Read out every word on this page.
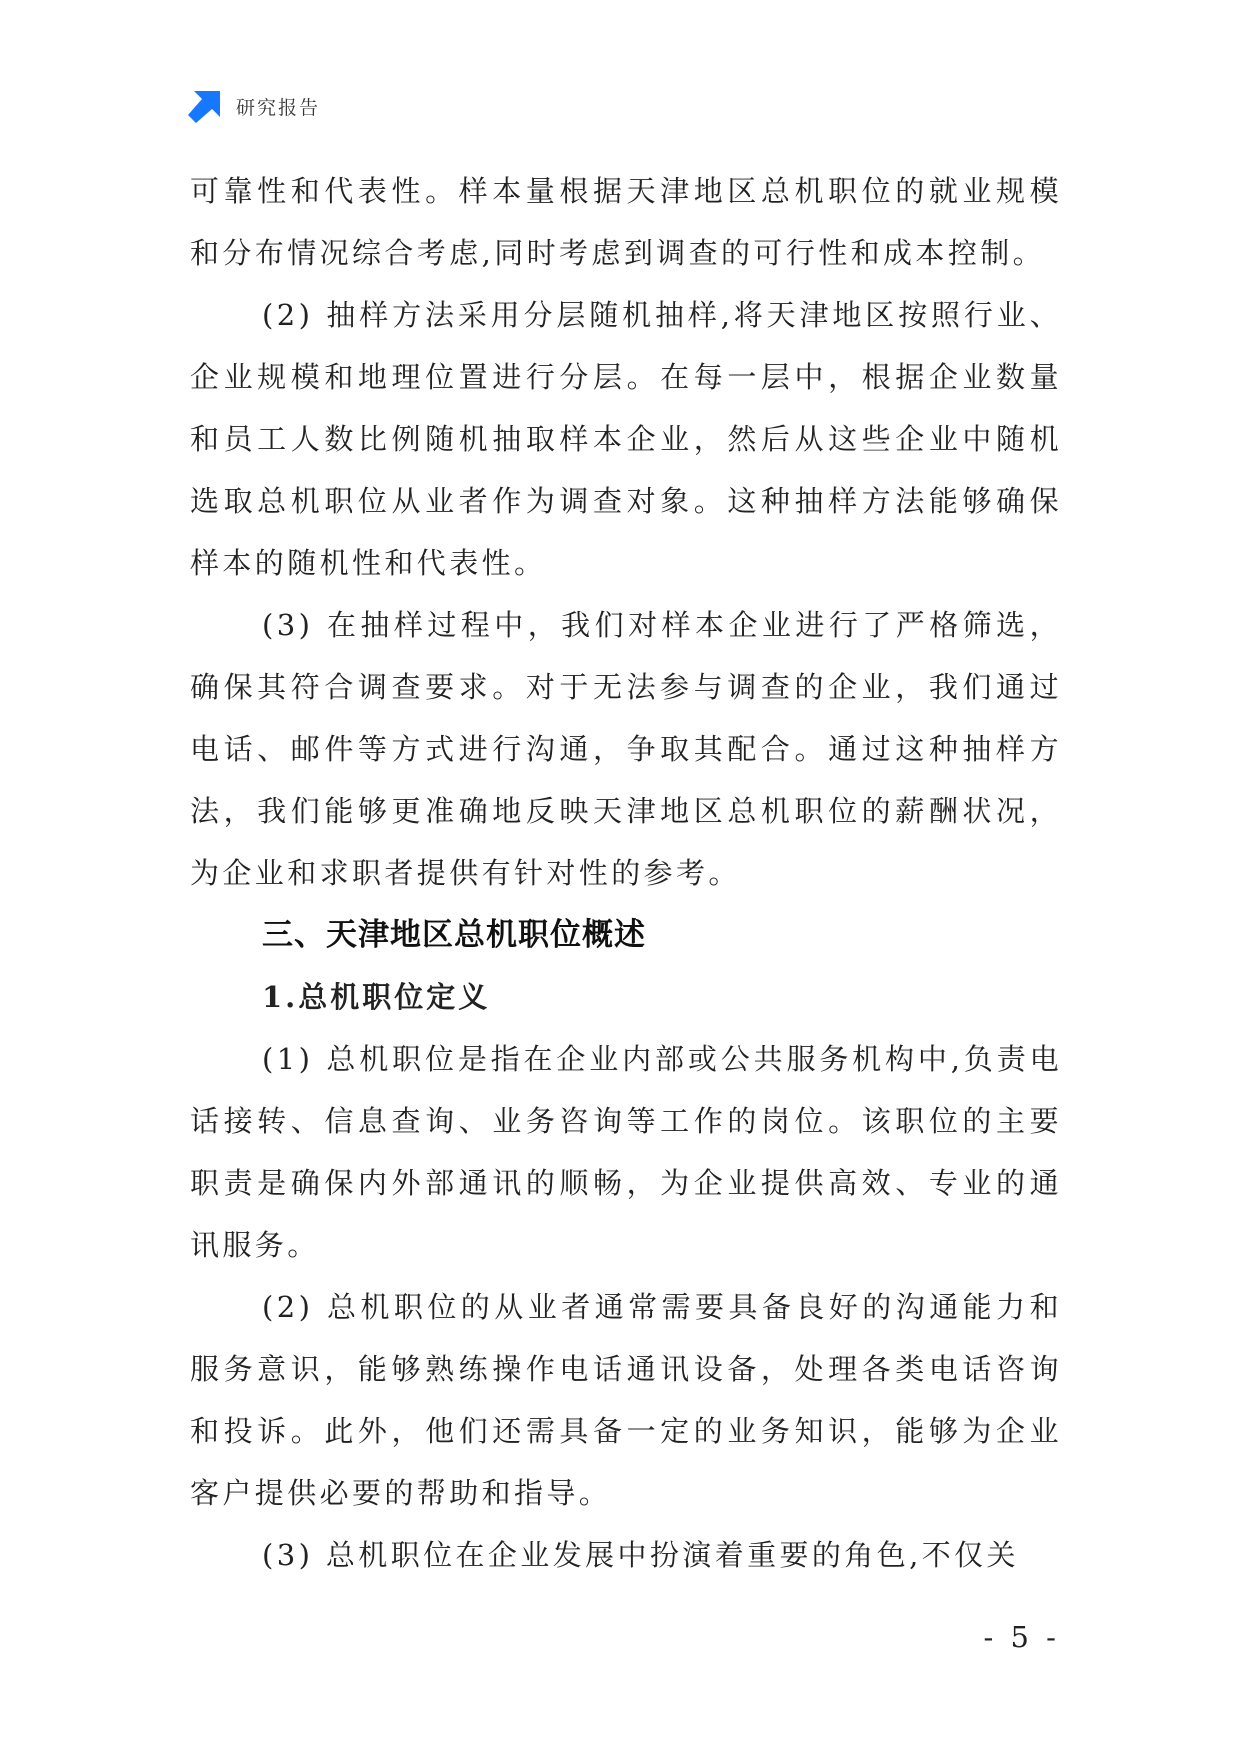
研究报告

可靠性和代表性。样本量根据天津地区总机职位的就业规模和分布情况综合考虑,同时考虑到调查的可行性和成本控制。

(2) 抽样方法采用分层随机抽样,将天津地区按照行业、企业规模和地理位置进行分层。在每一层中，根据企业数量和员工人数比例随机抽取样本企业，然后从这些企业中随机选取总机职位从业者作为调查对象。这种抽样方法能够确保样本的随机性和代表性。

(3) 在抽样过程中，我们对样本企业进行了严格筛选，确保其符合调查要求。对于无法参与调查的企业，我们通过电话、邮件等方式进行沟通，争取其配合。通过这种抽样方法，我们能够更准确地反映天津地区总机职位的薪酬状况，为企业和求职者提供有针对性的参考。

三、天津地区总机职位概述
1.总机职位定义

(1) 总机职位是指在企业内部或公共服务机构中,负责电话接转、信息查询、业务咨询等工作的岗位。该职位的主要职责是确保内外部通讯的顺畅，为企业提供高效、专业的通讯服务。

(2) 总机职位的从业者通常需要具备良好的沟通能力和服务意识，能够熟练操作电话通讯设备，处理各类电话咨询和投诉。此外，他们还需具备一定的业务知识，能够为企业客户提供必要的帮助和指导。

(3) 总机职位在企业发展中扮演着重要的角色,不仅关

- 5 -
